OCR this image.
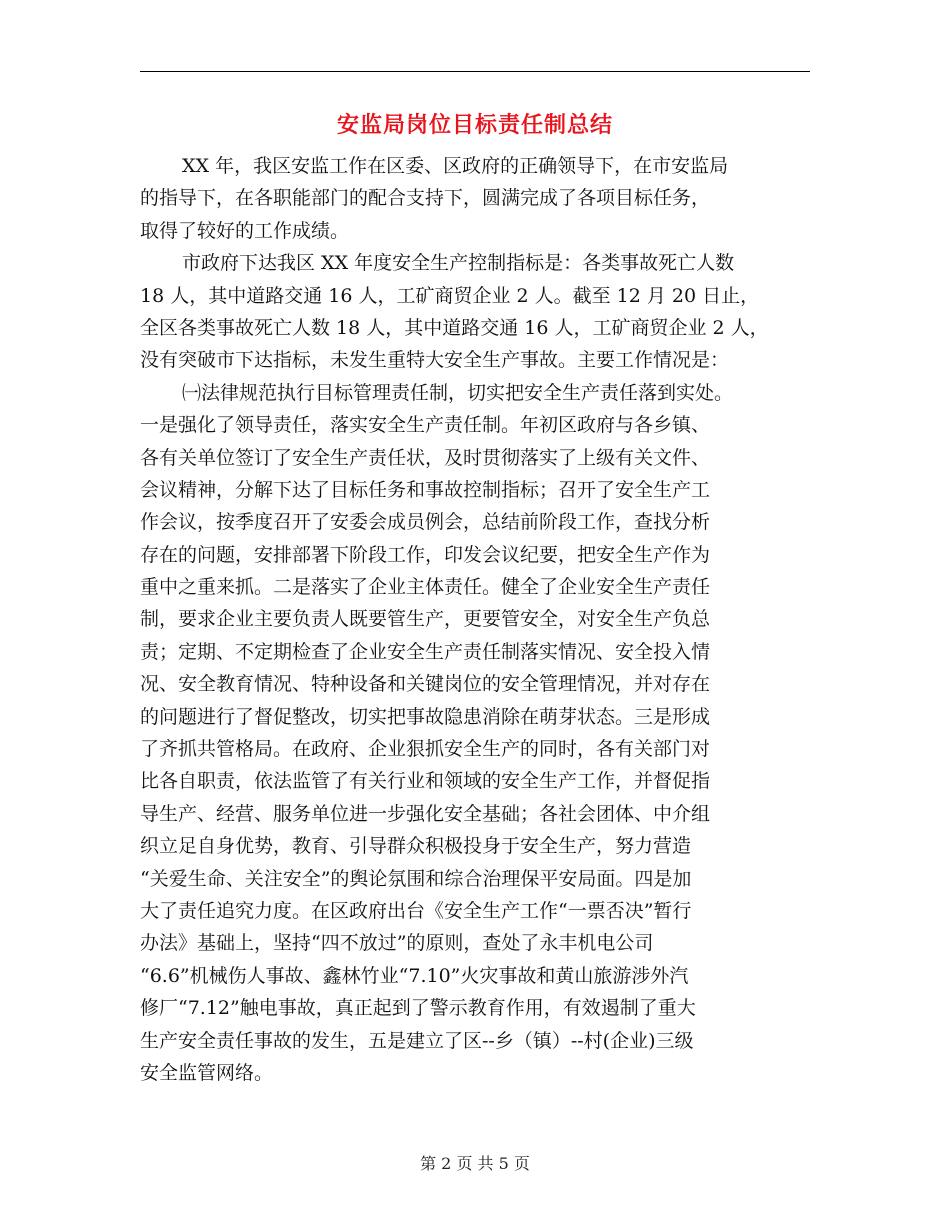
安监局岗位目标责任制总结
XX 年，我区安监工作在区委、区政府的正确领导下，在市安监局
的指导下，在各职能部门的配合支持下，圆满完成了各项目标任务，
取得了较好的工作成绩。
市政府下达我区 XX 年度安全生产控制指标是：各类事故死亡人数
18 人，其中道路交通 16 人，工矿商贸企业 2 人。截至 12 月 20 日止，
全区各类事故死亡人数 18 人，其中道路交通 16 人，工矿商贸企业 2 人，
没有突破市下达指标，未发生重特大安全生产事故。主要工作情况是：
㈠法律规范执行目标管理责任制，切实把安全生产责任落到实处。
一是强化了领导责任，落实安全生产责任制。年初区政府与各乡镇、
各有关单位签订了安全生产责任状，及时贯彻落实了上级有关文件、
会议精神，分解下达了目标任务和事故控制指标；召开了安全生产工
作会议，按季度召开了安委会成员例会，总结前阶段工作，查找分析
存在的问题，安排部署下阶段工作，印发会议纪要，把安全生产作为
重中之重来抓。二是落实了企业主体责任。健全了企业安全生产责任
制，要求企业主要负责人既要管生产，更要管安全，对安全生产负总
责；定期、不定期检查了企业安全生产责任制落实情况、安全投入情
况、安全教育情况、特种设备和关键岗位的安全管理情况，并对存在
的问题进行了督促整改，切实把事故隐患消除在萌芽状态。三是形成
了齐抓共管格局。在政府、企业狠抓安全生产的同时，各有关部门对
比各自职责，依法监管了有关行业和领域的安全生产工作，并督促指
导生产、经营、服务单位进一步强化安全基础；各社会团体、中介组
织立足自身优势，教育、引导群众积极投身于安全生产，努力营造
“关爱生命、关注安全”的舆论氛围和综合治理保平安局面。四是加
大了责任追究力度。在区政府出台《安全生产工作“一票否决”暂行
办法》基础上，坚持“四不放过”的原则，查处了永丰机电公司
“6.6”机械伤人事故、鑫林竹业“7.10”火灾事故和黄山旅游涉外汽
修厂“7.12”触电事故，真正起到了警示教育作用，有效遏制了重大
生产安全责任事故的发生，五是建立了区--乡（镇）--村(企业)三级
安全监管网络。
第 2 页 共 5 页
